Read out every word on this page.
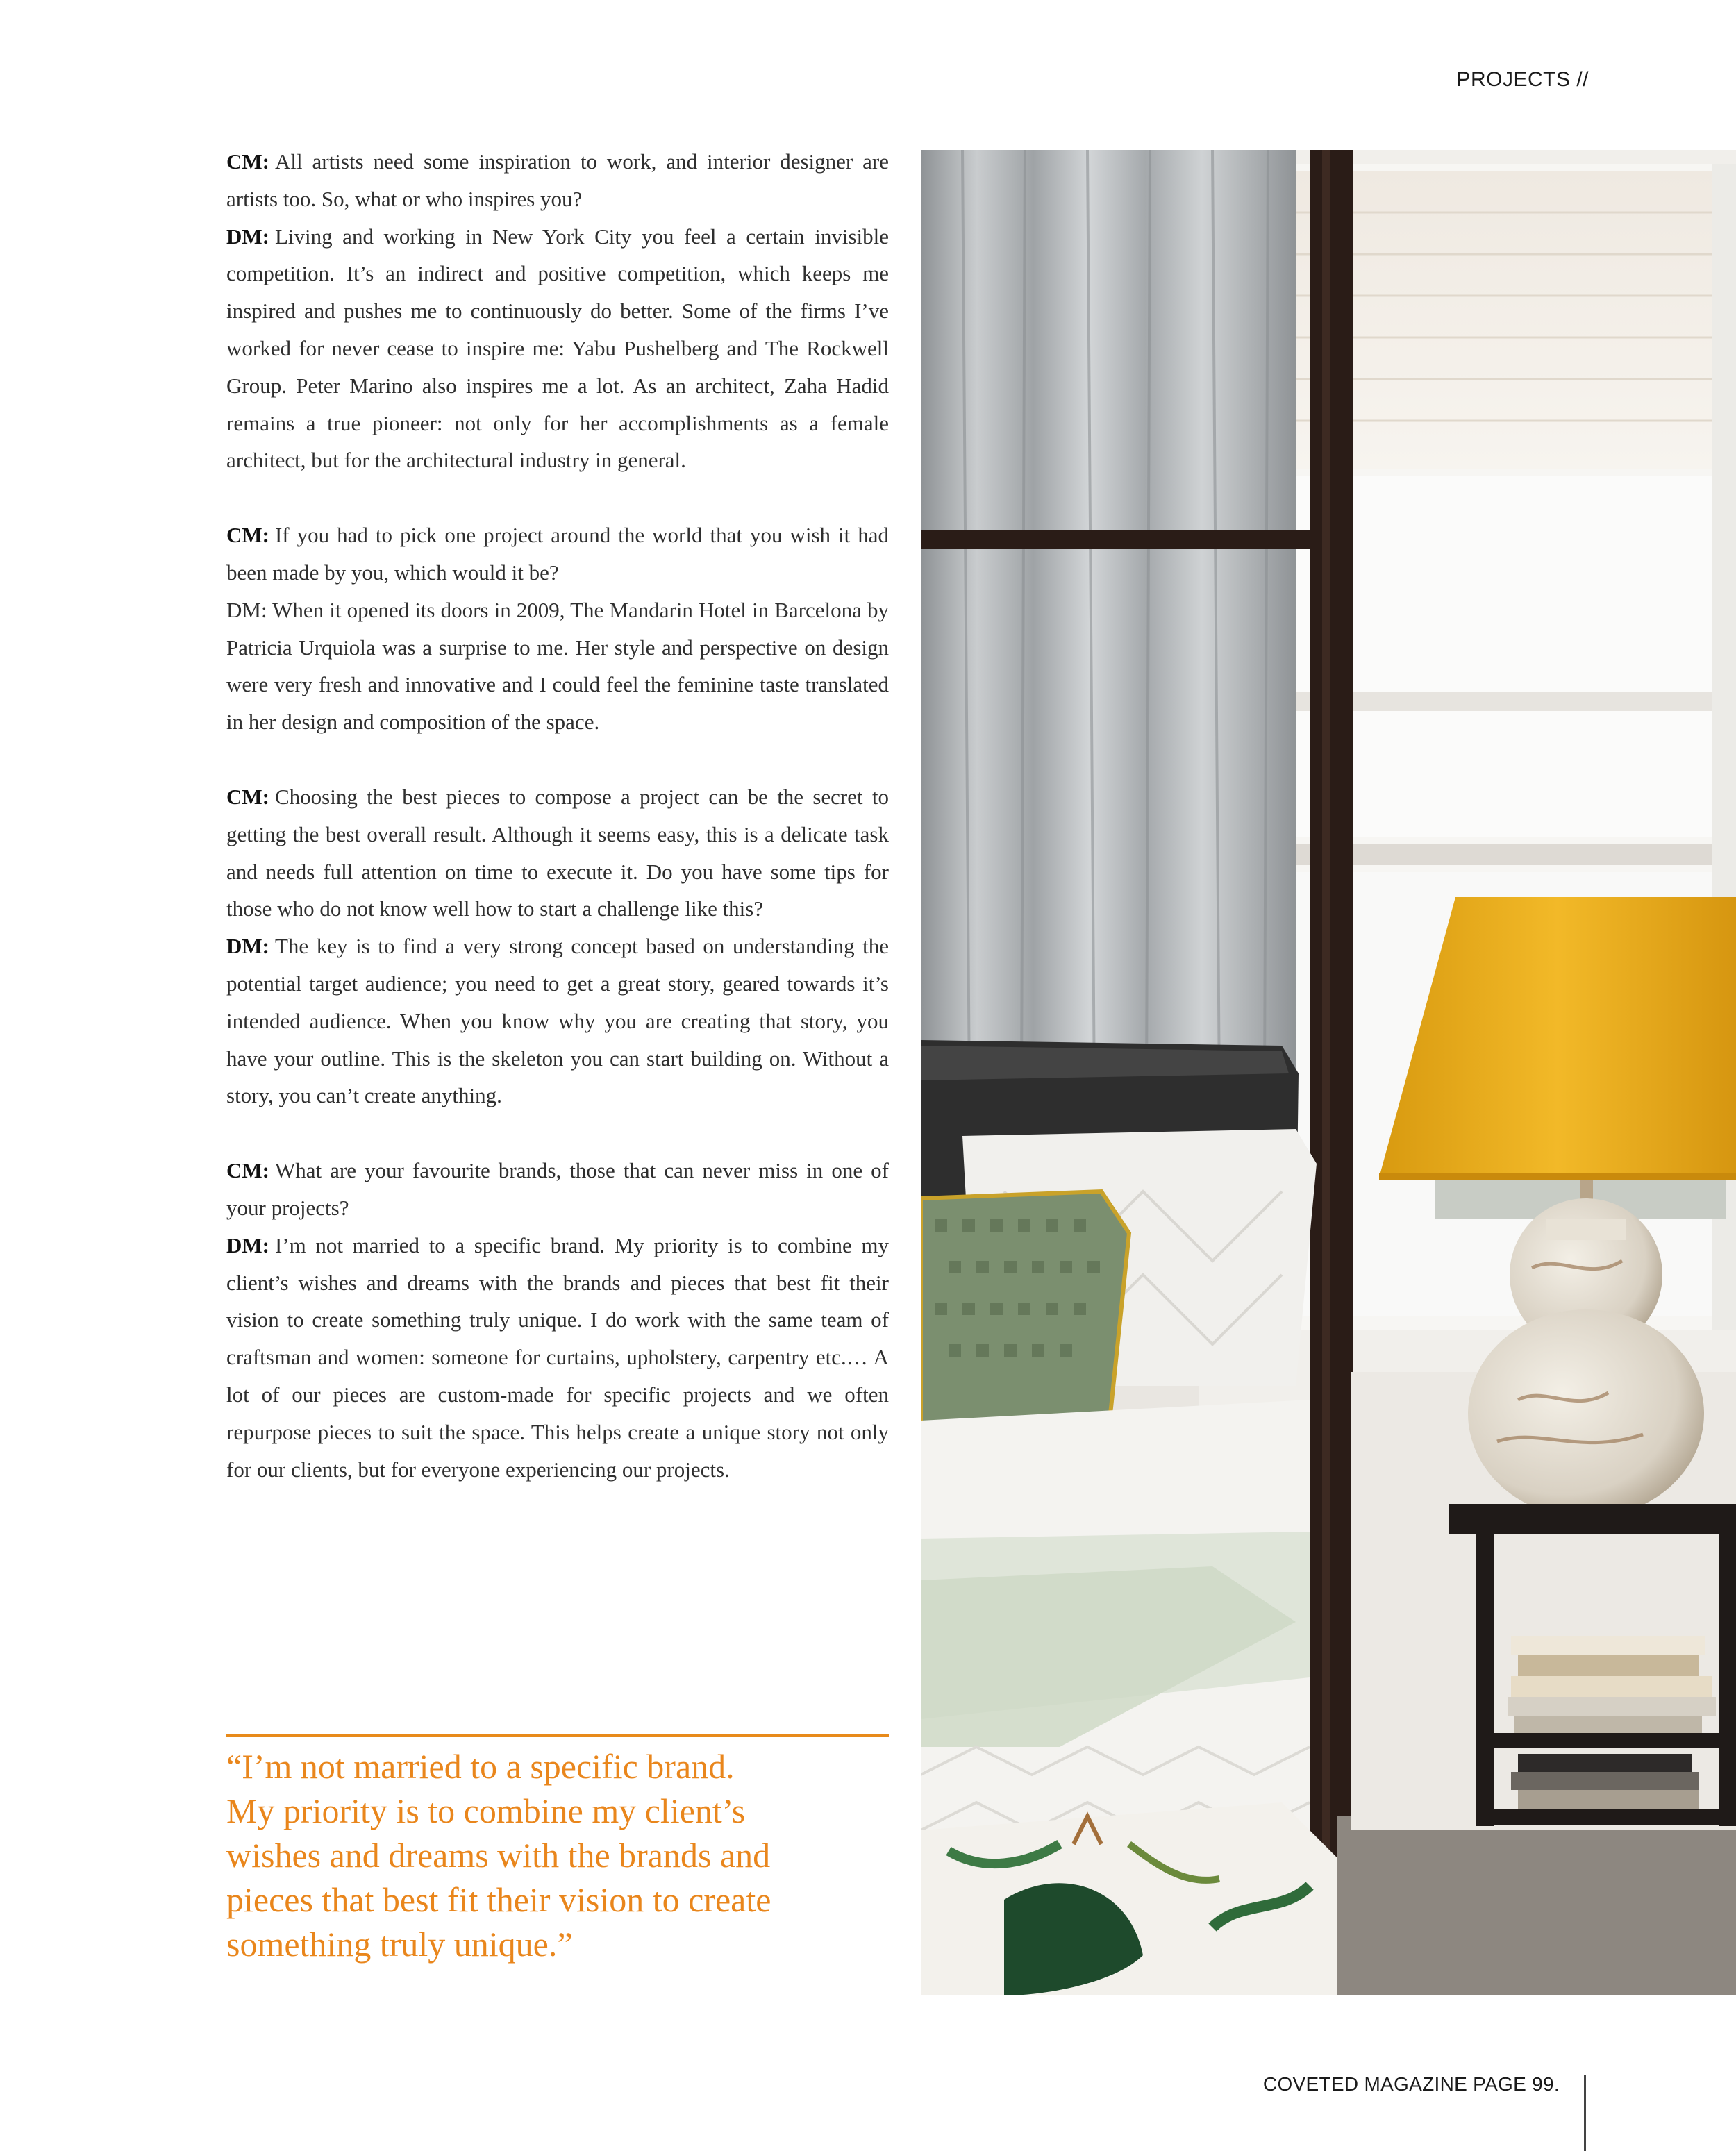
PROJECTS //

CM: All artists need some inspiration to work, and interior designer are artists too. So, what or who inspires you?

DM: Living and working in New York City you feel a certain invisible competition. It’s an indirect and positive competition, which keeps me inspired and pushes me to continuously do better. Some of the firms I’ve worked for never cease to inspire me: Yabu Pushelberg and The Rockwell Group. Peter Marino also inspires me a lot. As an architect, Zaha Hadid remains a true pioneer: not only for her accomplishments as a female architect, but for the architectural industry in general.

CM: If you had to pick one project around the world that you wish it had been made by you, which would it be?

DM: When it opened its doors in 2009, The Mandarin Hotel in Barcelona by Patricia Urquiola was a surprise to me. Her style and perspective on design were very fresh and innovative and I could feel the feminine taste translated in her design and composition of the space.

CM: Choosing the best pieces to compose a project can be the secret to getting the best overall result. Although it seems easy, this is a delicate task and needs full attention on time to execute it. Do you have some tips for those who do not know well how to start a challenge like this?

DM: The key is to find a very strong concept based on understanding the potential target audience; you need to get a great story, geared towards it’s intended audience. When you know why you are creating that story, you have your outline. This is the skeleton you can start building on. Without a story, you can’t create anything.

CM: What are your favourite brands, those that can never miss in one of your projects?

DM: I’m not married to a specific brand. My priority is to combine my client’s wishes and dreams with the brands and pieces that best fit their vision to create something truly unique. I do work with the same team of craftsman and women: someone for curtains, upholstery, carpentry etc.… A lot of our pieces are custom-made for specific projects and we often repurpose pieces to suit the space. This helps create a unique story not only for our clients, but for everyone experiencing our projects.

“I’m not married to a specific brand.

My priority is to combine my client’s

wishes and dreams with the brands and

pieces that best fit their vision to create

something truly unique.”

COVETED MAGAZINE PAGE 99.
